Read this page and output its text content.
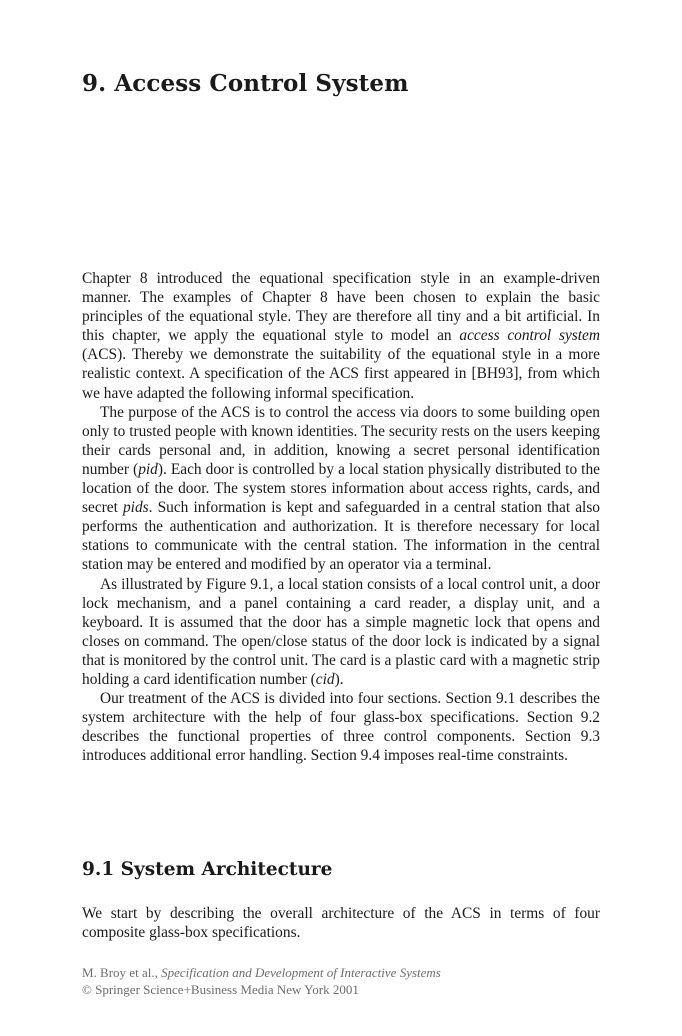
9. Access Control System

Chapter 8 introduced the equational specification style in an example-driven manner. The examples of Chapter 8 have been chosen to explain the basic principles of the equational style. They are therefore all tiny and a bit artificial. In this chapter, we apply the equational style to model an access control system (ACS). Thereby we demonstrate the suitability of the equational style in a more realistic context. A specification of the ACS first appeared in [BH93], from which we have adapted the following informal specification.

The purpose of the ACS is to control the access via doors to some building open only to trusted people with known identities. The security rests on the users keeping their cards personal and, in addition, knowing a secret personal identification number (pid). Each door is controlled by a local station physically distributed to the location of the door. The system stores information about access rights, cards, and secret pids. Such information is kept and safeguarded in a central station that also performs the authentication and authorization. It is therefore necessary for local stations to communicate with the central station. The information in the central station may be entered and modified by an operator via a terminal.

As illustrated by Figure 9.1, a local station consists of a local control unit, a door lock mechanism, and a panel containing a card reader, a display unit, and a keyboard. It is assumed that the door has a simple magnetic lock that opens and closes on command. The open/close status of the door lock is indicated by a signal that is monitored by the control unit. The card is a plastic card with a magnetic strip holding a card identification number (cid).

Our treatment of the ACS is divided into four sections. Section 9.1 describes the system architecture with the help of four glass-box specifications. Section 9.2 describes the functional properties of three control components. Section 9.3 introduces additional error handling. Section 9.4 imposes real-time constraints.

9.1 System Architecture

We start by describing the overall architecture of the ACS in terms of four composite glass-box specifications.

M. Broy et al., Specification and Development of Interactive Systems
© Springer Science+Business Media New York 2001
